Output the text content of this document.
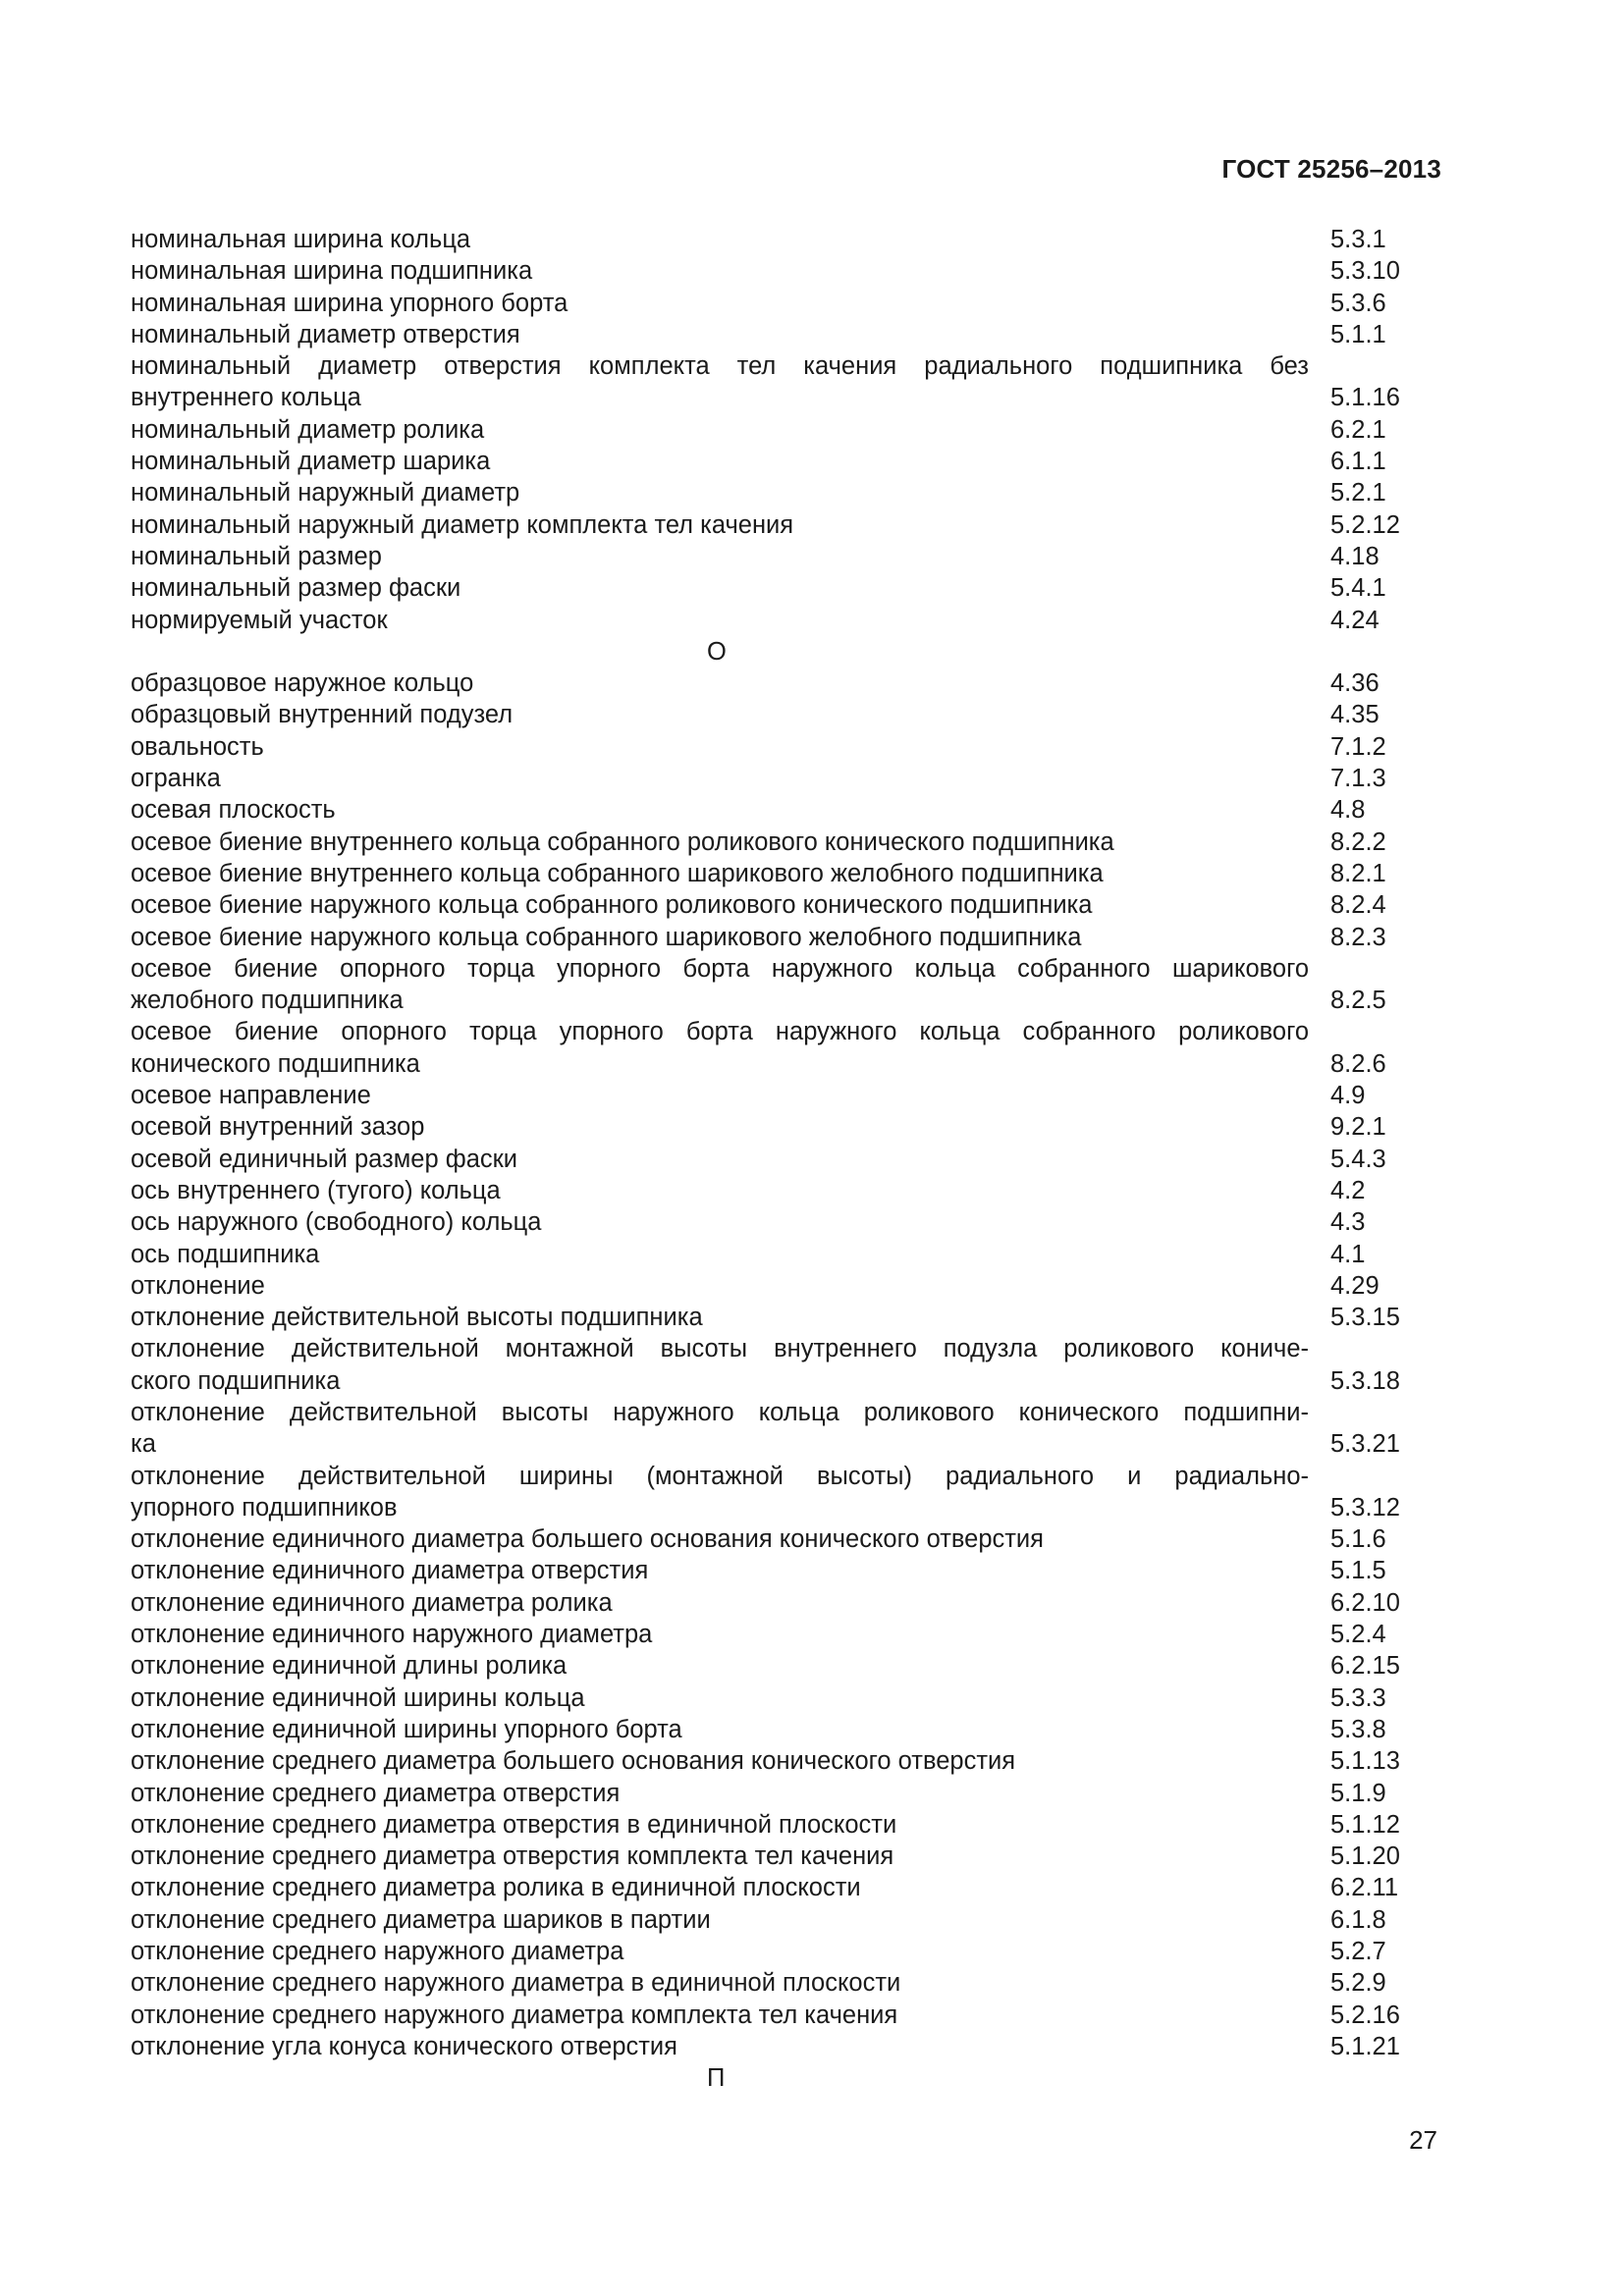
ГОСТ 25256–2013
номинальная ширина кольца	5.3.1
номинальная ширина подшипника	5.3.10
номинальная ширина упорного борта	5.3.6
номинальный диаметр отверстия	5.1.1
номинальный диаметр отверстия комплекта тел качения радиального подшипника без
внутреннего кольца	5.1.16
номинальный диаметр ролика	6.2.1
номинальный диаметр шарика	6.1.1
номинальный наружный диаметр	5.2.1
номинальный наружный диаметр комплекта тел качения	5.2.12
номинальный размер	4.18
номинальный размер фаски	5.4.1
нормируемый участок	4.24
О
образцовое наружное кольцо	4.36
образцовый внутренний подузел	4.35
овальность	7.1.2
огранка	7.1.3
осевая плоскость	4.8
осевое биение внутреннего кольца собранного роликового конического подшипника	8.2.2
осевое биение внутреннего кольца собранного шарикового желобного подшипника	8.2.1
осевое биение наружного кольца собранного роликового конического подшипника	8.2.4
осевое биение наружного кольца собранного шарикового желобного подшипника	8.2.3
осевое биение опорного торца упорного борта наружного кольца собранного шарикового
желобного подшипника	8.2.5
осевое биение опорного торца упорного борта наружного кольца собранного роликового
конического подшипника	8.2.6
осевое направление	4.9
осевой внутренний зазор	9.2.1
осевой единичный размер фаски	5.4.3
ось внутреннего (тугого) кольца	4.2
ось наружного (свободного) кольца	4.3
ось подшипника	4.1
отклонение	4.29
отклонение действительной высоты подшипника	5.3.15
отклонение действительной монтажной высоты внутреннего подузла роликового кониче-
ского подшипника	5.3.18
отклонение действительной высоты наружного кольца роликового конического подшипни-
ка	5.3.21
отклонение действительной ширины (монтажной высоты) радиального и радиально-
упорного подшипников	5.3.12
отклонение единичного диаметра большего основания конического отверстия	5.1.6
отклонение единичного диаметра отверстия	5.1.5
отклонение единичного диаметра ролика	6.2.10
отклонение единичного наружного диаметра	5.2.4
отклонение единичной длины ролика	6.2.15
отклонение единичной ширины кольца	5.3.3
отклонение единичной ширины упорного борта	5.3.8
отклонение среднего диаметра большего основания конического отверстия	5.1.13
отклонение среднего диаметра отверстия	5.1.9
отклонение среднего диаметра отверстия в единичной плоскости	5.1.12
отклонение среднего диаметра отверстия комплекта тел качения	5.1.20
отклонение среднего диаметра ролика в единичной плоскости	6.2.11
отклонение среднего диаметра шариков в партии	6.1.8
отклонение среднего наружного диаметра	5.2.7
отклонение среднего наружного диаметра в единичной плоскости	5.2.9
отклонение среднего наружного диаметра комплекта тел качения	5.2.16
отклонение угла конуса конического отверстия	5.1.21
П
27
